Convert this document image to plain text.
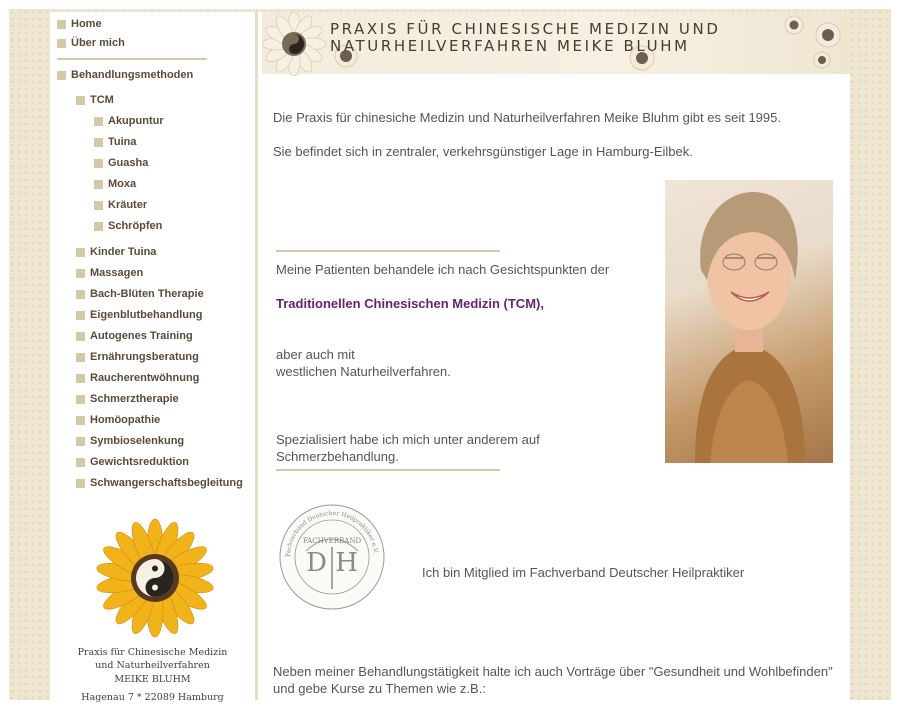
Home
Über mich
Behandlungsmethoden
TCM
Akupuntur
Tuina
Guasha
Moxa
Kräuter
Schröpfen
Kinder Tuina
Massagen
Bach-Blüten Therapie
Eigenblutbehandlung
Autogenes Training
Ernährungsberatung
Raucherentwöhnung
Schmerztherapie
Homöopathie
Symbioselenkung
Gewichtsreduktion
Schwangerschaftsbegleitung
Praxis für Chinesische Medizin
und Naturheilverfahren
MEIKE BLUHM
Hagenau 7 * 22089 Hamburg
PRAXIS FÜR CHINESISCHE MEDIZIN UND
NATURHEILVERFAHREN MEIKE BLUHM
Die Praxis für chinesiche Medizin und Naturheilverfahren Meike Bluhm gibt es seit 1995.
Sie befindet sich in zentraler, verkehrsgünstiger Lage in Hamburg-Eilbek.
Meine Patienten behandele ich nach Gesichtspunkten der
Traditionellen Chinesischen Medizin (TCM),
aber auch mit
westlichen Naturheilverfahren.
Spezialisiert habe ich mich unter anderem auf
Schmerzbehandlung.
FACHVERBAND
D H
Fachverband Deutscher Heilpraktiker e.V.
Ich bin Mitglied im Fachverband Deutscher Heilpraktiker
Neben meiner Behandlungstätigkeit halte ich auch Vorträge über "Gesundheit und Wohlbefinden"
und gebe Kurse zu Themen wie z.B.:
